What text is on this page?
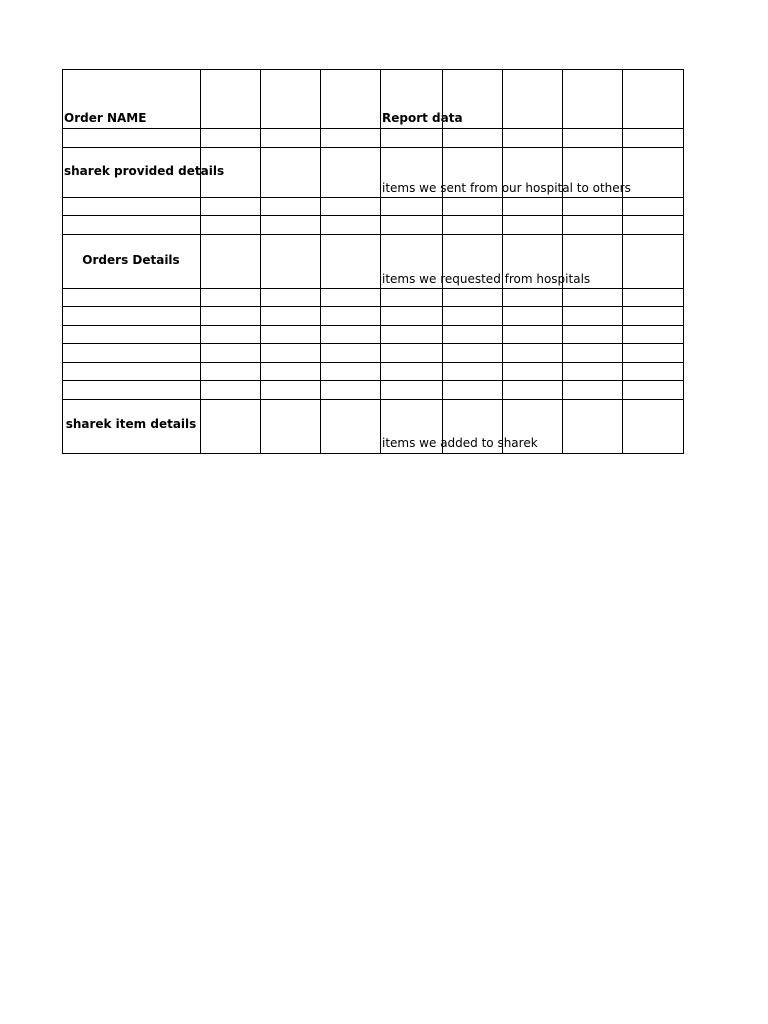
Order NAME	Report data
sharek provided details
items we sent from our hospital to others
Orders Details
items we requested from hospitals
sharek item details
items we added to sharek
